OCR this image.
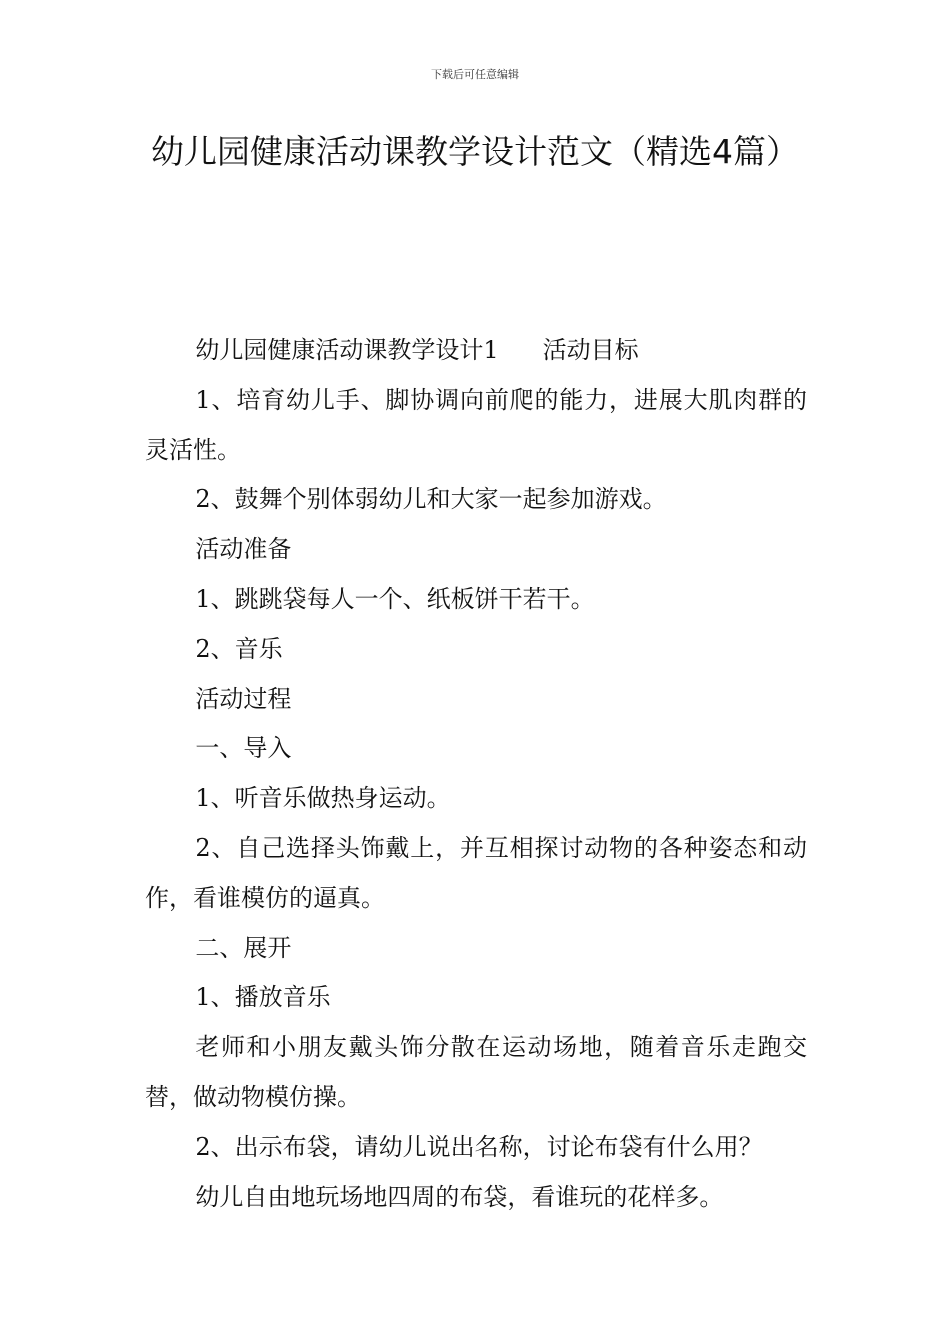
下载后可任意编辑
幼儿园健康活动课教学设计范文（精选4篇）

幼儿园健康活动课教学设计1 活动目标

1、培育幼儿手、脚协调向前爬的能力，进展大肌肉群的灵活性。

2、鼓舞个别体弱幼儿和大家一起参加游戏。

活动准备

1、跳跳袋每人一个、纸板饼干若干。

2、音乐

活动过程

一、导入

1、听音乐做热身运动。

2、自己选择头饰戴上，并互相探讨动物的各种姿态和动作，看谁模仿的逼真。

二、展开

1、播放音乐

老师和小朋友戴头饰分散在运动场地，随着音乐走跑交替，做动物模仿操。

2、出示布袋，请幼儿说出名称，讨论布袋有什么用？

幼儿自由地玩场地四周的布袋，看谁玩的花样多。
